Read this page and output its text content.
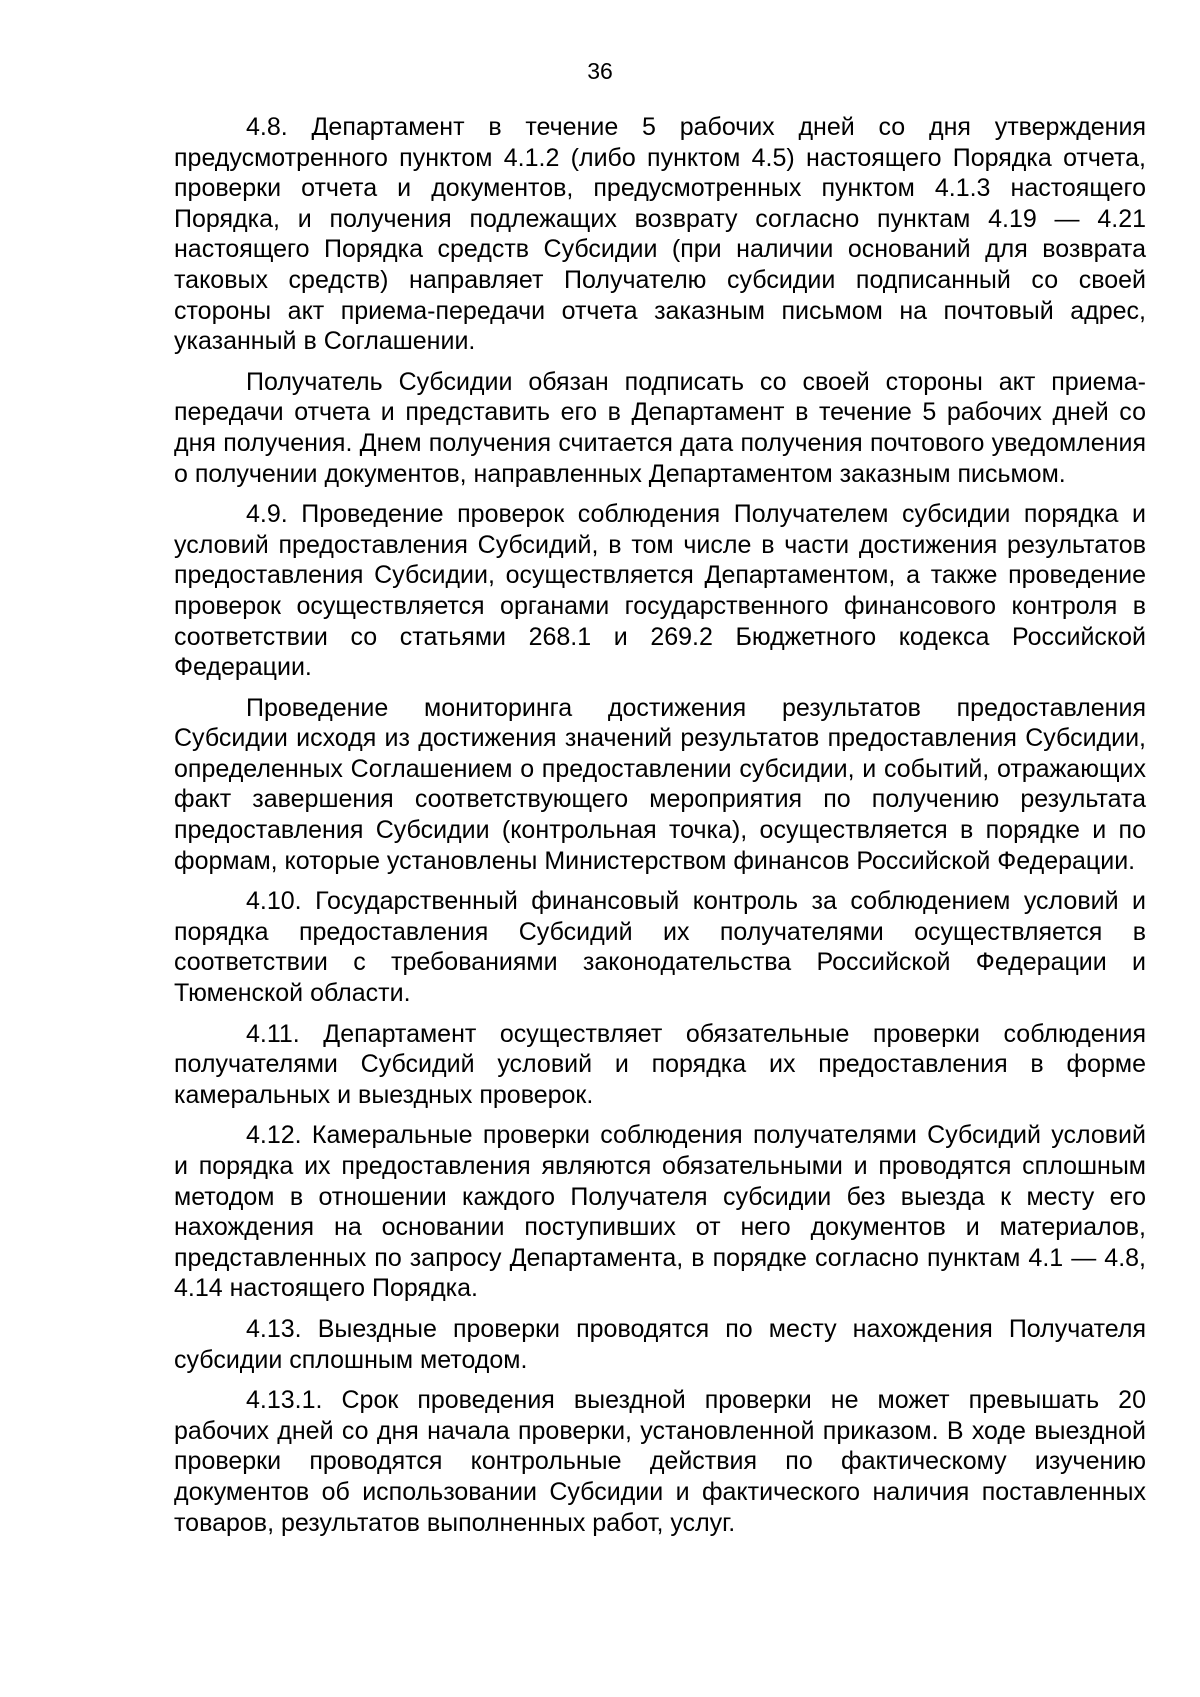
36

4.8. Департамент в течение 5 рабочих дней со дня утверждения предусмотренного пунктом 4.1.2 (либо пунктом 4.5) настоящего Порядка отчета, проверки отчета и документов, предусмотренных пунктом 4.1.3 настоящего Порядка, и получения подлежащих возврату согласно пунктам 4.19 — 4.21 настоящего Порядка средств Субсидии (при наличии оснований для возврата таковых средств) направляет Получателю субсидии подписанный со своей стороны акт приема-передачи отчета заказным письмом на почтовый адрес, указанный в Соглашении.

Получатель Субсидии обязан подписать со своей стороны акт приема-передачи отчета и представить его в Департамент в течение 5 рабочих дней со дня получения. Днем получения считается дата получения почтового уведомления о получении документов, направленных Департаментом заказным письмом.

4.9. Проведение проверок соблюдения Получателем субсидии порядка и условий предоставления Субсидий, в том числе в части достижения результатов предоставления Субсидии, осуществляется Департаментом, а также проведение проверок осуществляется органами государственного финансового контроля в соответствии со статьями 268.1 и 269.2 Бюджетного кодекса Российской Федерации.

Проведение мониторинга достижения результатов предоставления Субсидии исходя из достижения значений результатов предоставления Субсидии, определенных Соглашением о предоставлении субсидии, и событий, отражающих факт завершения соответствующего мероприятия по получению результата предоставления Субсидии (контрольная точка), осуществляется в порядке и по формам, которые установлены Министерством финансов Российской Федерации.

4.10. Государственный финансовый контроль за соблюдением условий и порядка предоставления Субсидий их получателями осуществляется в соответствии с требованиями законодательства Российской Федерации и Тюменской области.

4.11. Департамент осуществляет обязательные проверки соблюдения получателями Субсидий условий и порядка их предоставления в форме камеральных и выездных проверок.

4.12. Камеральные проверки соблюдения получателями Субсидий условий и порядка их предоставления являются обязательными и проводятся сплошным методом в отношении каждого Получателя субсидии без выезда к месту его нахождения на основании поступивших от него документов и материалов, представленных по запросу Департамента, в порядке согласно пунктам 4.1 — 4.8, 4.14 настоящего Порядка.

4.13. Выездные проверки проводятся по месту нахождения Получателя субсидии сплошным методом.

4.13.1. Срок проведения выездной проверки не может превышать 20 рабочих дней со дня начала проверки, установленной приказом. В ходе выездной проверки проводятся контрольные действия по фактическому изучению документов об использовании Субсидии и фактического наличия поставленных товаров, результатов выполненных работ, услуг.
